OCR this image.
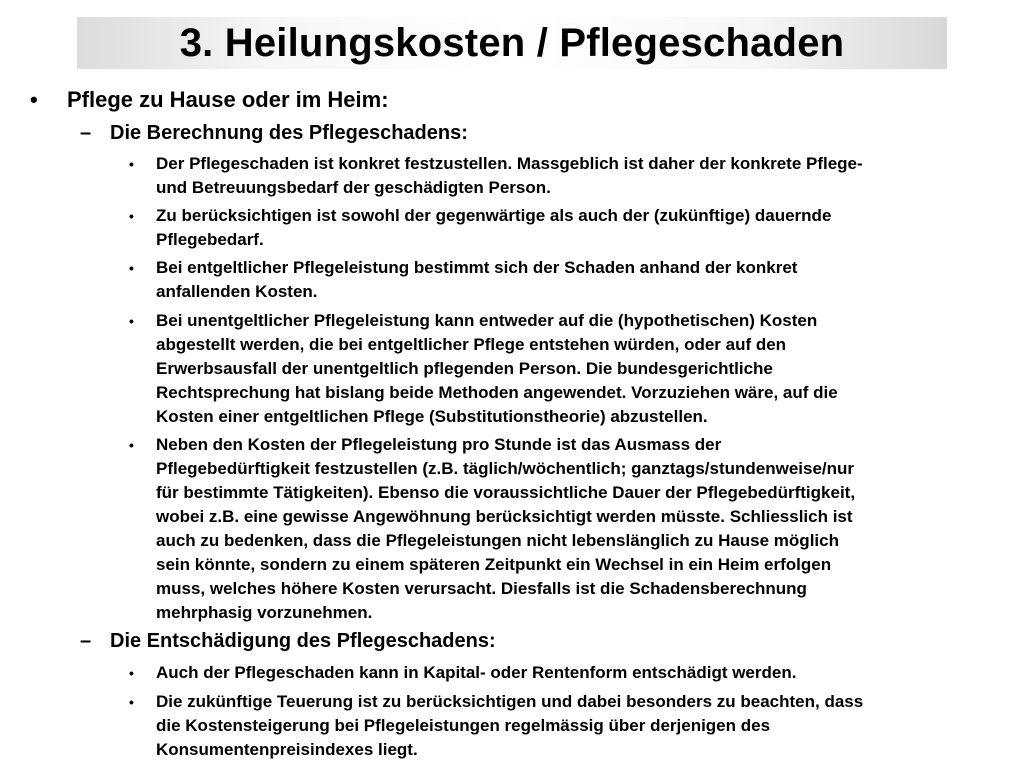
3. Heilungskosten / Pflegeschaden
• Pflege zu Hause oder im Heim:
– Die Berechnung des Pflegeschadens:
• Der Pflegeschaden ist konkret festzustellen. Massgeblich ist daher der konkrete Pflege-
und Betreuungsbedarf der geschädigten Person.
• Zu berücksichtigen ist sowohl der gegenwärtige als auch der (zukünftige) dauernde
Pflegebedarf.
• Bei entgeltlicher Pflegeleistung bestimmt sich der Schaden anhand der konkret
anfallenden Kosten.
• Bei unentgeltlicher Pflegeleistung kann entweder auf die (hypothetischen) Kosten
abgestellt werden, die bei entgeltlicher Pflege entstehen würden, oder auf den
Erwerbsausfall der unentgeltlich pflegenden Person. Die bundesgerichtliche
Rechtsprechung hat bislang beide Methoden angewendet. Vorzuziehen wäre, auf die
Kosten einer entgeltlichen Pflege (Substitutionstheorie) abzustellen.
• Neben den Kosten der Pflegeleistung pro Stunde ist das Ausmass der
Pflegebedürftigkeit festzustellen (z.B. täglich/wöchentlich; ganztags/stundenweise/nur
für bestimmte Tätigkeiten). Ebenso die voraussichtliche Dauer der Pflegebedürftigkeit,
wobei z.B. eine gewisse Angewöhnung berücksichtigt werden müsste. Schliesslich ist
auch zu bedenken, dass die Pflegeleistungen nicht lebenslänglich zu Hause möglich
sein könnte, sondern zu einem späteren Zeitpunkt ein Wechsel in ein Heim erfolgen
muss, welches höhere Kosten verursacht. Diesfalls ist die Schadensberechnung
mehrphasig vorzunehmen.
– Die Entschädigung des Pflegeschadens:
• Auch der Pflegeschaden kann in Kapital- oder Rentenform entschädigt werden.
• Die zukünftige Teuerung ist zu berücksichtigen und dabei besonders zu beachten, dass
die Kostensteigerung bei Pflegeleistungen regelmässig über derjenigen des
Konsumentenpreisindexes liegt.
